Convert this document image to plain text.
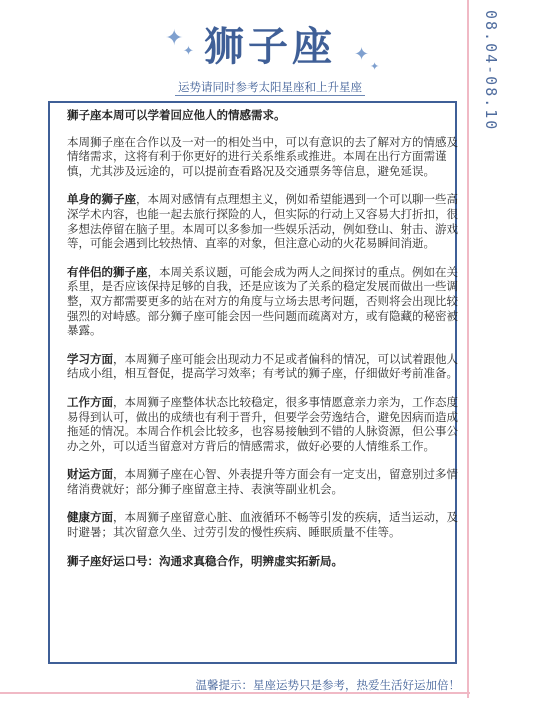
08.04-08.10
✦
✦	✦
✦
狮子座
运势请同时参考太阳星座和上升星座

狮子座本周可以学着回应他人的情感需求。

本周狮子座在合作以及一对一的相处当中，可以有意识的去了解对方的情感及情绪需求，这将有利于你更好的进行关系维系或推进。本周在出行方面需谨慎，尤其涉及远途的，可以提前查看路况及交通票务等信息，避免延误。

单身的狮子座，本周对感情有点理想主义，例如希望能遇到一个可以聊一些高深学术内容，也能一起去旅行探险的人，但实际的行动上又容易大打折扣，很多想法停留在脑子里。本周可以多参加一些娱乐活动，例如登山、射击、游戏等，可能会遇到比较热情、直率的对象，但注意心动的火花易瞬间消逝。

有伴侣的狮子座，本周关系议题，可能会成为两人之间探讨的重点。例如在关系里，是否应该保持足够的自我，还是应该为了关系的稳定发展而做出一些调整，双方都需要更多的站在对方的角度与立场去思考问题，否则将会出现比较强烈的对峙感。部分狮子座可能会因一些问题而疏离对方，或有隐藏的秘密被暴露。

学习方面，本周狮子座可能会出现动力不足或者偏科的情况，可以试着跟他人结成小组，相互督促，提高学习效率；有考试的狮子座，仔细做好考前准备。

工作方面，本周狮子座整体状态比较稳定，很多事情愿意亲力亲为，工作态度易得到认可，做出的成绩也有利于晋升，但要学会劳逸结合，避免因病而造成拖延的情况。本周合作机会比较多，也容易接触到不错的人脉资源，但公事公办之外，可以适当留意对方背后的情感需求，做好必要的人情维系工作。

财运方面，本周狮子座在心智、外表提升等方面会有一定支出，留意别过多情绪消费就好；部分狮子座留意主持、表演等副业机会。

健康方面，本周狮子座留意心脏、血液循环不畅等引发的疾病，适当运动，及时避暑；其次留意久坐、过劳引发的慢性疾病、睡眠质量不佳等。

狮子座好运口号：沟通求真稳合作，明辨虚实拓新局。

温馨提示：星座运势只是参考，热爱生活好运加倍！
